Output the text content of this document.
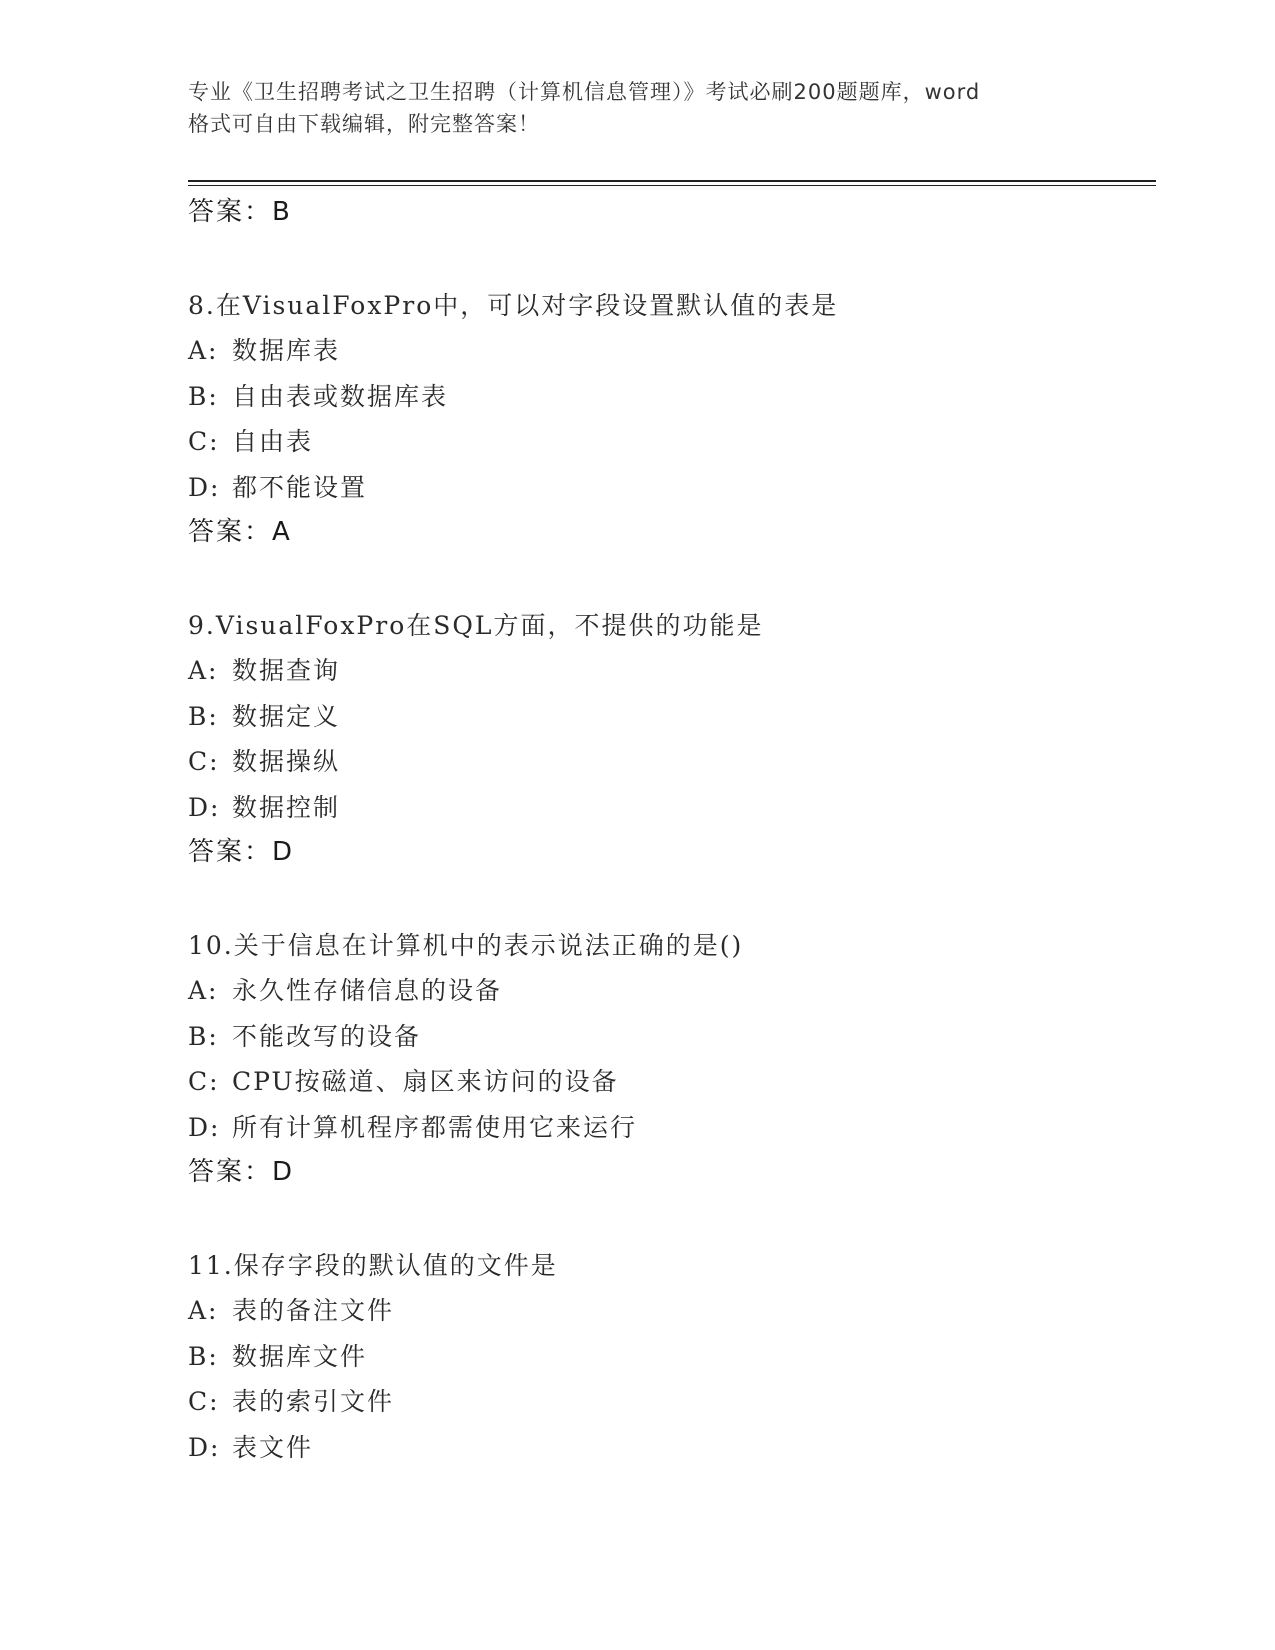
专业《卫生招聘考试之卫生招聘（计算机信息管理）》考试必刷200题题库，word

格式可自由下载编辑，附完整答案！

答案：B
8.在VisualFoxPro中，可以对字段设置默认值的表是
A: 数据库表
B: 自由表或数据库表
C: 自由表
D: 都不能设置
答案：A
9.VisualFoxPro在SQL方面，不提供的功能是
A: 数据查询
B: 数据定义
C: 数据操纵
D: 数据控制
答案：D
10.关于信息在计算机中的表示说法正确的是()
A: 永久性存储信息的设备
B: 不能改写的设备
C: CPU按磁道、扇区来访问的设备
D: 所有计算机程序都需使用它来运行
答案：D
11.保存字段的默认值的文件是
A: 表的备注文件
B: 数据库文件
C: 表的索引文件
D: 表文件
